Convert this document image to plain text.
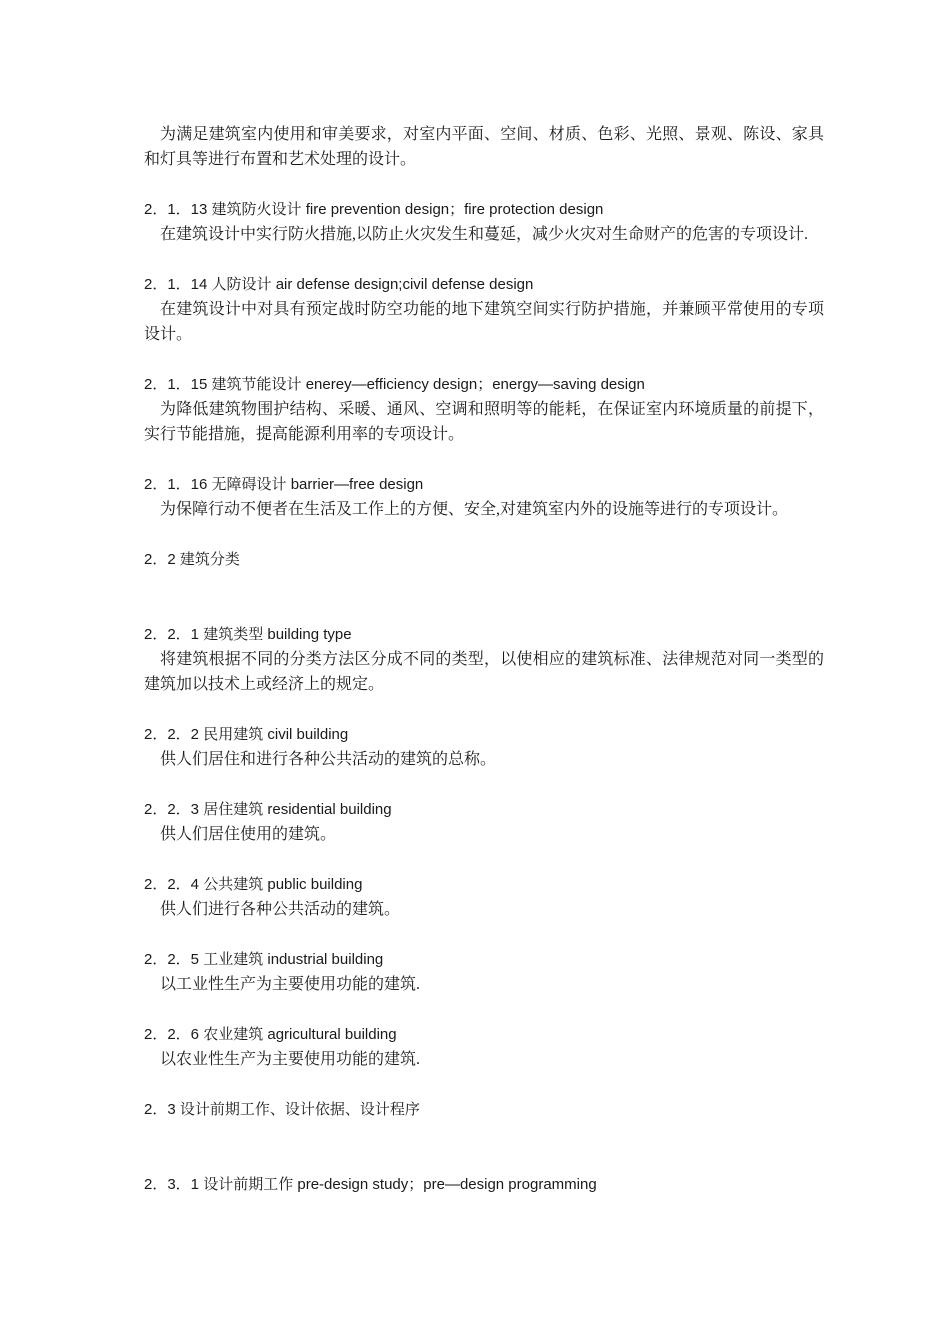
为满足建筑室内使用和审美要求，对室内平面、空间、材质、色彩、光照、景观、陈设、家具和灯具等进行布置和艺术处理的设计。

2．1．13 建筑防火设计 fire prevention design；fire protection design

在建筑设计中实行防火措施,以防止火灾发生和蔓延，减少火灾对生命财产的危害的专项设计.

2．1．14 人防设计 air defense design;civil defense design

在建筑设计中对具有预定战时防空功能的地下建筑空间实行防护措施，并兼顾平常使用的专项设计。

2．1．15 建筑节能设计 enerey—efficiency design；energy—saving design

为降低建筑物围护结构、采暖、通风、空调和照明等的能耗，在保证室内环境质量的前提下，实行节能措施，提高能源利用率的专项设计。

2．1．16 无障碍设计 barrier—free design

为保障行动不便者在生活及工作上的方便、安全,对建筑室内外的设施等进行的专项设计。

2．2 建筑分类

2．2．1 建筑类型 building type

将建筑根据不同的分类方法区分成不同的类型，以使相应的建筑标准、法律规范对同一类型的建筑加以技术上或经济上的规定。

2．2．2 民用建筑 civil building

供人们居住和进行各种公共活动的建筑的总称。

2．2．3 居住建筑 residential building

供人们居住使用的建筑。

2．2．4 公共建筑 public building

供人们进行各种公共活动的建筑。

2．2．5 工业建筑 industrial building

以工业性生产为主要使用功能的建筑.

2．2．6 农业建筑 agricultural building

以农业性生产为主要使用功能的建筑.

2．3 设计前期工作、设计依据、设计程序

2．3．1 设计前期工作 pre-design study；pre—design programming
